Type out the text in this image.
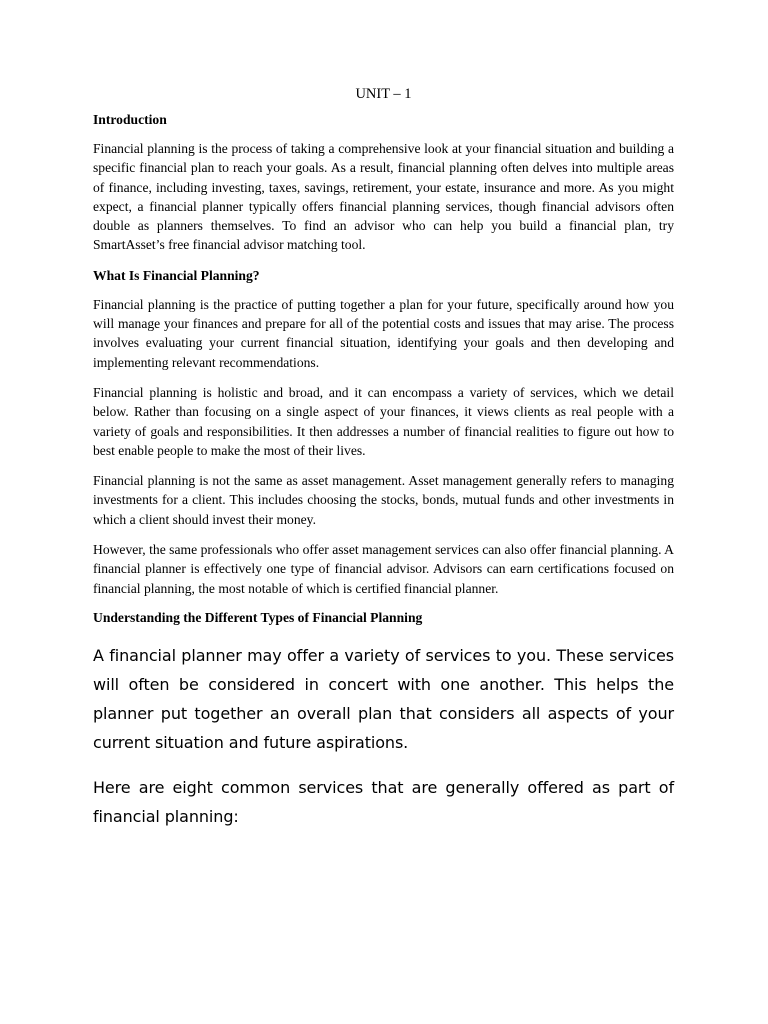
UNIT – 1
Introduction

Financial planning is the process of taking a comprehensive look at your financial situation and building a specific financial plan to reach your goals. As a result, financial planning often delves into multiple areas of finance, including investing, taxes, savings, retirement, your estate, insurance and more. As you might expect, a financial planner typically offers financial planning services, though financial advisors often double as planners themselves. To find an advisor who can help you build a financial plan, try SmartAsset’s free financial advisor matching tool.

What Is Financial Planning?

Financial planning is the practice of putting together a plan for your future, specifically around how you will manage your finances and prepare for all of the potential costs and issues that may arise. The process involves evaluating your current financial situation, identifying your goals and then developing and implementing relevant recommendations.

Financial planning is holistic and broad, and it can encompass a variety of services, which we detail below. Rather than focusing on a single aspect of your finances, it views clients as real people with a variety of goals and responsibilities. It then addresses a number of financial realities to figure out how to best enable people to make the most of their lives.

Financial planning is not the same as asset management. Asset management generally refers to managing investments for a client. This includes choosing the stocks, bonds, mutual funds and other investments in which a client should invest their money.

However, the same professionals who offer asset management services can also offer financial planning. A financial planner is effectively one type of financial advisor. Advisors can earn certifications focused on financial planning, the most notable of which is certified financial planner.

Understanding the Different Types of Financial Planning

A financial planner may offer a variety of services to you. These services will often be considered in concert with one another. This helps the planner put together an overall plan that considers all aspects of your current situation and future aspirations.

Here are eight common services that are generally offered as part of financial planning:
